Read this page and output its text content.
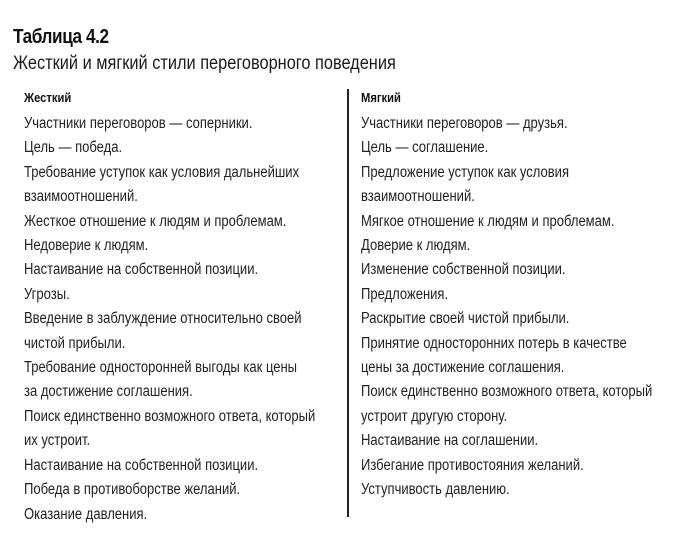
Таблица 4.2
Жесткий и мягкий стили переговорного поведения
Жесткий
Участники переговоров — соперники.
Цель — победа.
Требование уступок как условия дальнейших
взаимоотношений.
Жесткое отношение к людям и проблемам.
Недоверие к людям.
Настаивание на собственной позиции.
Угрозы.
Введение в заблуждение относительно своей
чистой прибыли.
Требование односторонней выгоды как цены
за достижение соглашения.
Поиск единственно возможного ответа, который
их устроит.
Настаивание на собственной позиции.
Победа в противоборстве желаний.
Оказание давления.
Мягкий
Участники переговоров — друзья.
Цель — соглашение.
Предложение уступок как условия
взаимоотношений.
Мягкое отношение к людям и проблемам.
Доверие к людям.
Изменение собственной позиции.
Предложения.
Раскрытие своей чистой прибыли.
Принятие односторонних потерь в качестве
цены за достижение соглашения.
Поиск единственно возможного ответа, который
устроит другую сторону.
Настаивание на соглашении.
Избегание противостояния желаний.
Уступчивость давлению.
